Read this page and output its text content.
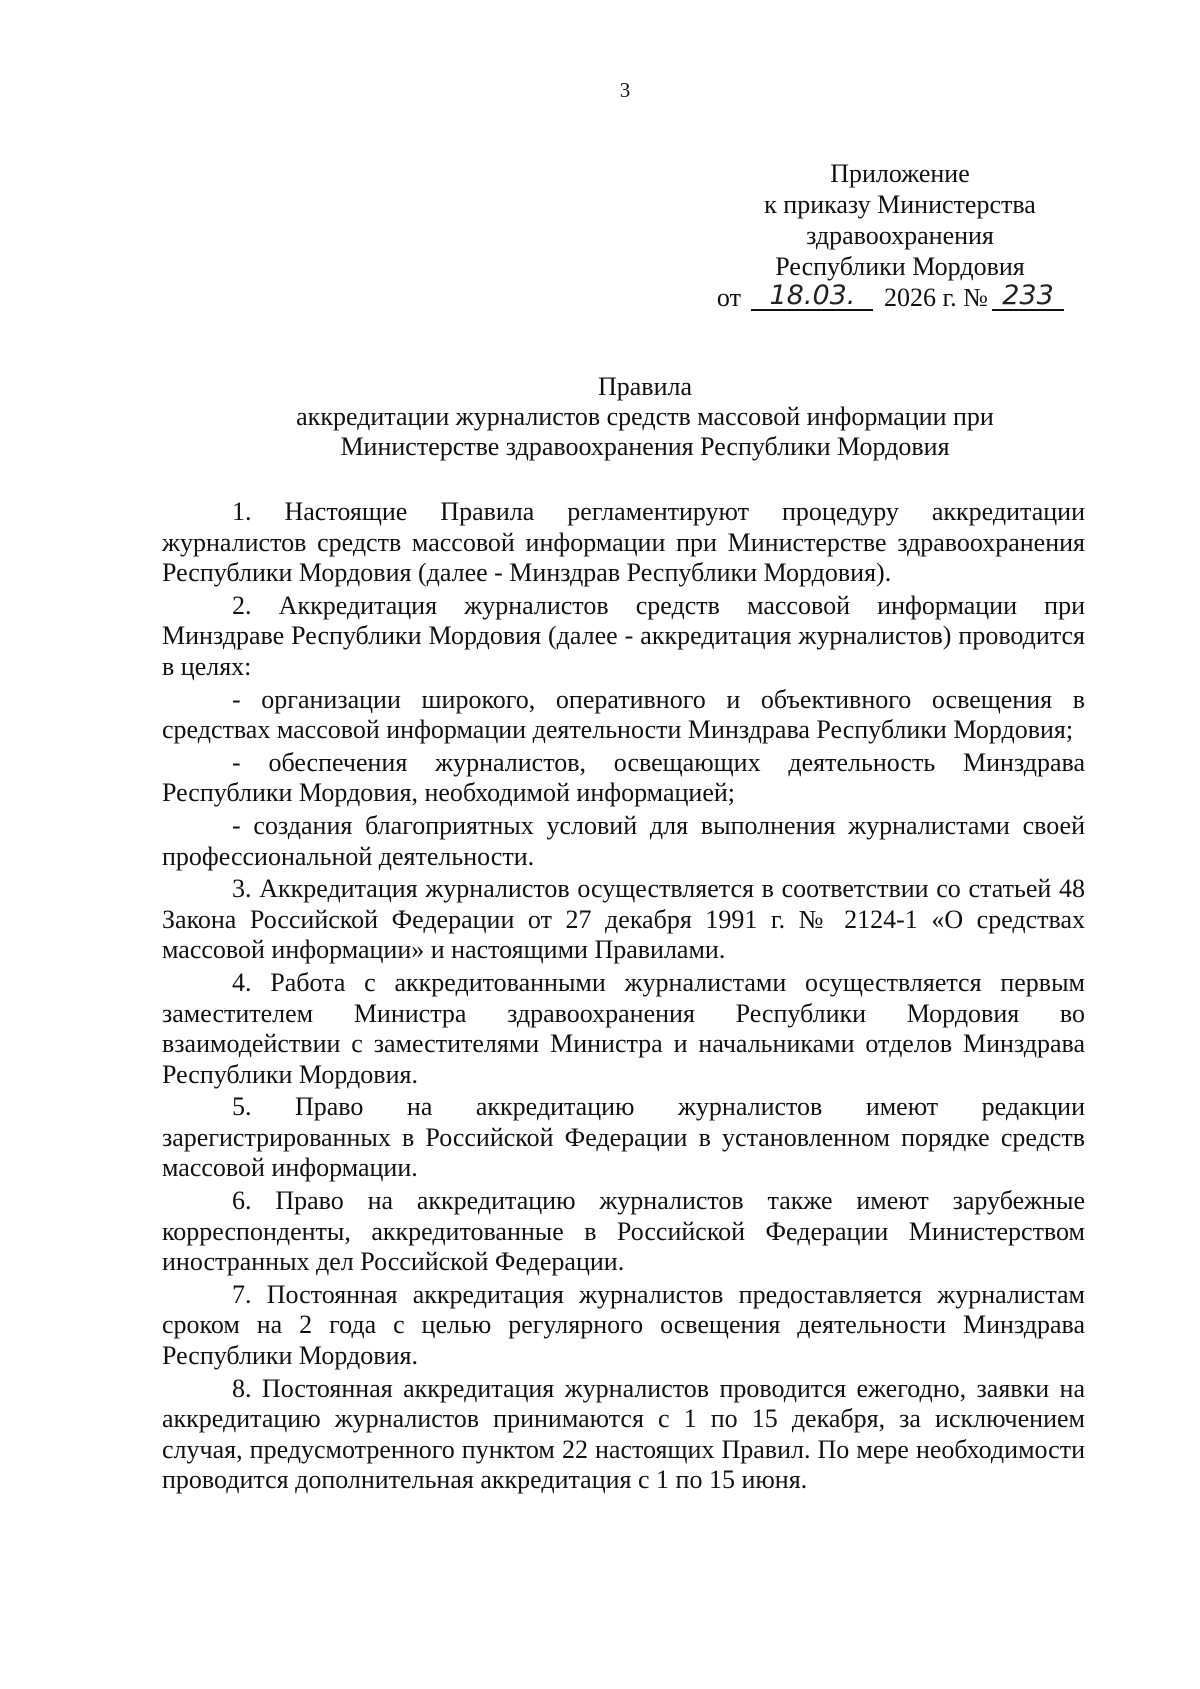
3
Приложение
к приказу Министерства
здравоохранения
Республики Мордовия
от 18.03. 2026 г. № 233
Правила
аккредитации журналистов средств массовой информации при
Министерстве здравоохранения Республики Мордовия

1. Настоящие Правила регламентируют процедуру аккредитации журналистов средств массовой информации при Министерстве здравоохранения Республики Мордовия (далее - Минздрав Республики Мордовия).

2. Аккредитация журналистов средств массовой информации при Минздраве Республики Мордовия (далее - аккредитация журналистов) проводится в целях:

- организации широкого, оперативного и объективного освещения в средствах массовой информации деятельности Минздрава Республики Мордовия;

- обеспечения журналистов, освещающих деятельность Минздрава Республики Мордовия, необходимой информацией;

- создания благоприятных условий для выполнения журналистами своей профессиональной деятельности.

3. Аккредитация журналистов осуществляется в соответствии со статьей 48 Закона Российской Федерации от 27 декабря 1991 г. № 2124-1 «О средствах массовой информации» и настоящими Правилами.

4. Работа с аккредитованными журналистами осуществляется первым заместителем Министра здравоохранения Республики Мордовия во взаимодействии с заместителями Министра и начальниками отделов Минздрава Республики Мордовия.

5. Право на аккредитацию журналистов имеют редакции зарегистрированных в Российской Федерации в установленном порядке средств массовой информации.

6. Право на аккредитацию журналистов также имеют зарубежные корреспонденты, аккредитованные в Российской Федерации Министерством иностранных дел Российской Федерации.

7. Постоянная аккредитация журналистов предоставляется журналистам сроком на 2 года с целью регулярного освещения деятельности Минздрава Республики Мордовия.

8. Постоянная аккредитация журналистов проводится ежегодно, заявки на аккредитацию журналистов принимаются с 1 по 15 декабря, за исключением случая, предусмотренного пунктом 22 настоящих Правил. По мере необходимости проводится дополнительная аккредитация с 1 по 15 июня.
